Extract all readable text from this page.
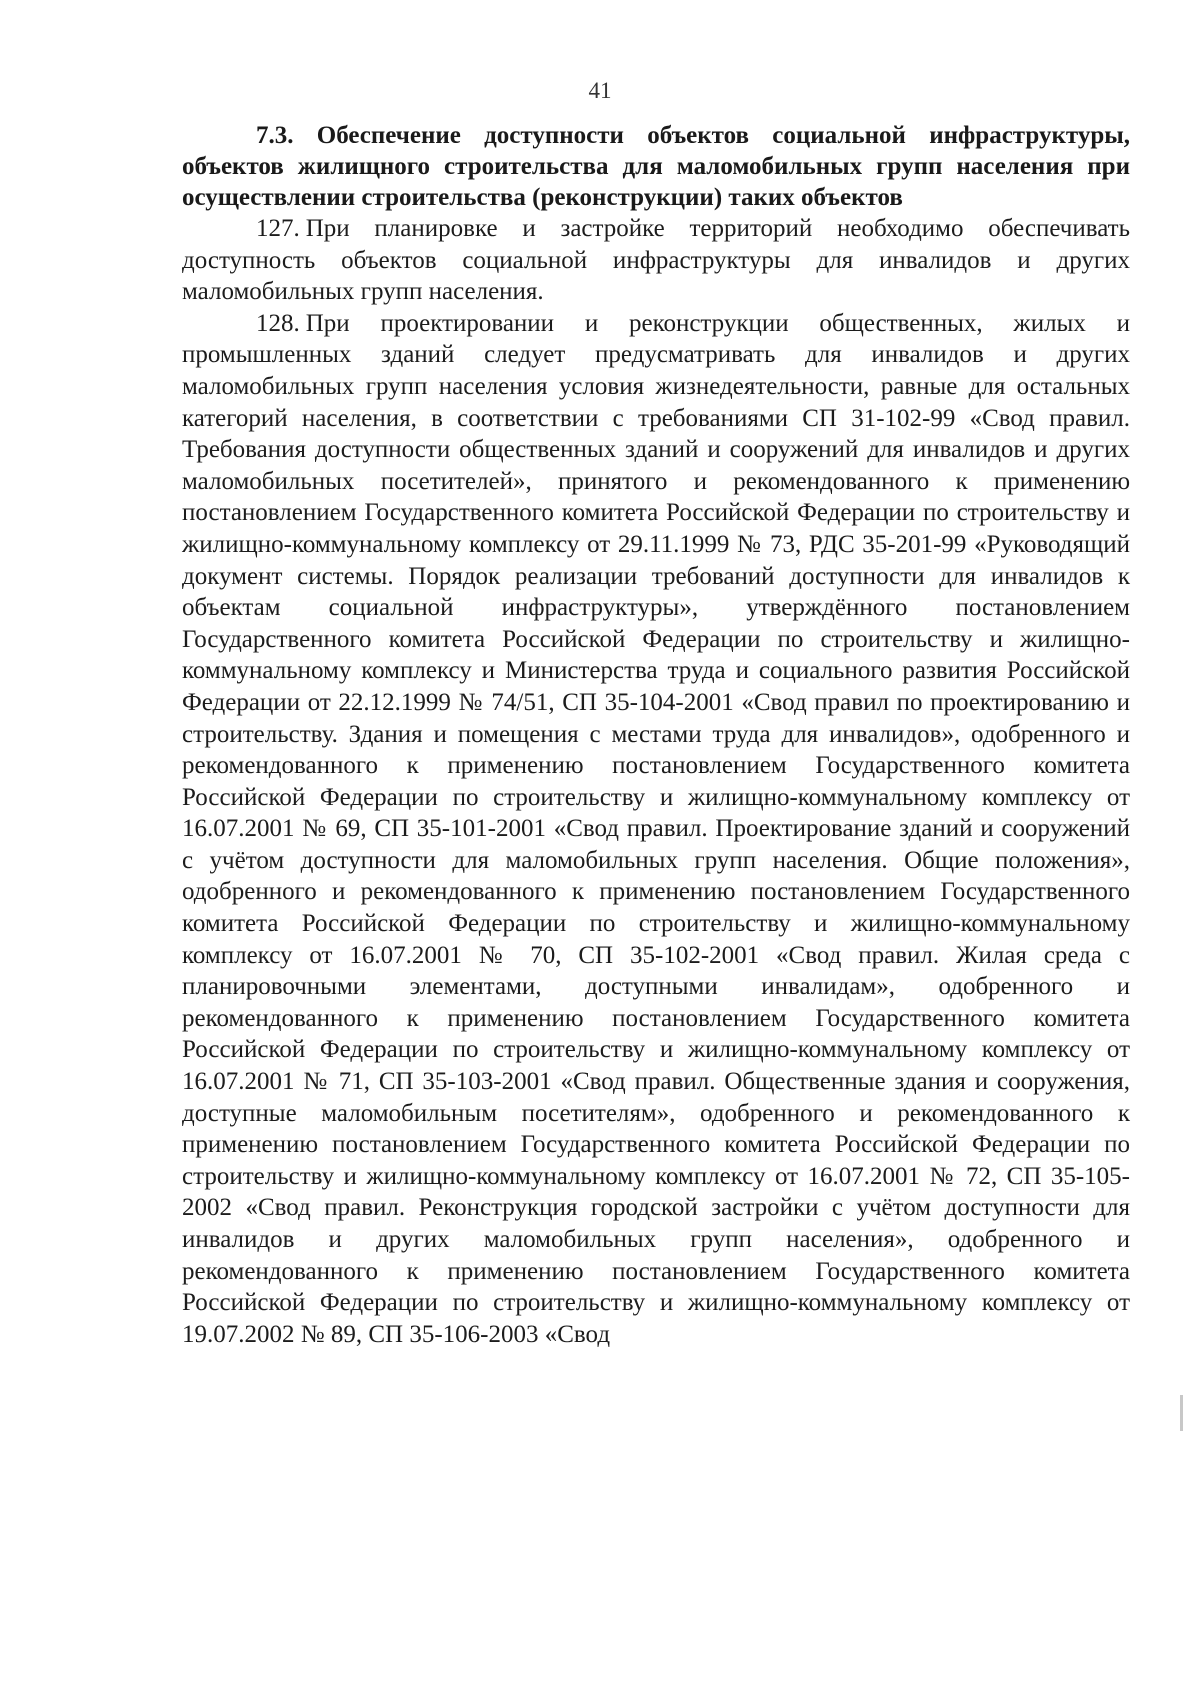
41

7.3. Обеспечение доступности объектов социальной инфраструктуры, объектов жилищного строительства для маломобильных групп населения при осуществлении строительства (реконструкции) таких объектов

127. При планировке и застройке территорий необходимо обеспечивать доступность объектов социальной инфраструктуры для инвалидов и других маломобильных групп населения.

128. При проектировании и реконструкции общественных, жилых и промышленных зданий следует предусматривать для инвалидов и других маломобильных групп населения условия жизнедеятельности, равные для остальных категорий населения, в соответствии с требованиями СП 31-102-99 «Свод правил. Требования доступности общественных зданий и сооружений для инвалидов и других маломобильных посетителей», принятого и рекомендованного к применению постановлением Государственного комитета Российской Федерации по строительству и жилищно-коммунальному комплексу от 29.11.1999 № 73, РДС 35-201-99 «Руководящий документ системы. Порядок реализации требований доступности для инвалидов к объектам социальной инфраструктуры», утверждённого постановлением Государственного комитета Российской Федерации по строительству и жилищно-коммунальному комплексу и Министерства труда и социального развития Российской Федерации от 22.12.1999 № 74/51, СП 35-104-2001 «Свод правил по проектированию и строительству. Здания и помещения с местами труда для инвалидов», одобренного и рекомендованного к применению постановлением Государственного комитета Российской Федерации по строительству и жилищно-коммунальному комплексу от 16.07.2001 № 69, СП 35-101-2001 «Свод правил. Проектирование зданий и сооружений с учётом доступности для маломобильных групп населения. Общие положения», одобренного и рекомендованного к применению постановлением Государственного комитета Российской Федерации по строительству и жилищно-коммунальному комплексу от 16.07.2001 № 70, СП 35-102-2001 «Свод правил. Жилая среда с планировочными элементами, доступными инвалидам», одобренного и рекомендованного к применению постановлением Государственного комитета Российской Федерации по строительству и жилищно-коммунальному комплексу от 16.07.2001 № 71, СП 35-103-2001 «Свод правил. Общественные здания и сооружения, доступные маломобильным посетителям», одобренного и рекомендованного к применению постановлением Государственного комитета Российской Федерации по строительству и жилищно-коммунальному комплексу от 16.07.2001 № 72, СП 35-105-2002 «Свод правил. Реконструкция городской застройки с учётом доступности для инвалидов и других маломобильных групп населения», одобренного и рекомендованного к применению постановлением Государственного комитета Российской Федерации по строительству и жилищно-коммунальному комплексу от 19.07.2002 № 89, СП 35-106-2003 «Свод
